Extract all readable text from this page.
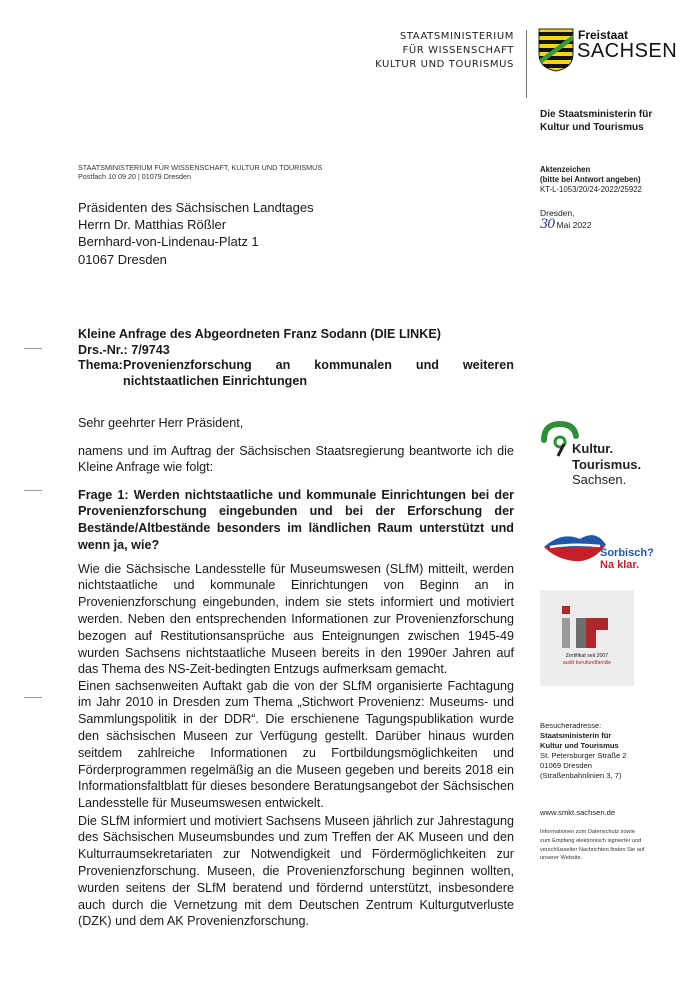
STAATSMINISTERIUM
FÜR WISSENSCHAFT
KULTUR UND TOURISMUS
Freistaat
SACHSEN
Die Staatsministerin für
Kultur und Tourismus
STAATSMINISTERIUM FÜR WISSENSCHAFT, KULTUR UND TOURISMUS
Postfach 10 09 20 | 01079 Dresden
Präsidenten des Sächsischen Landtages
Herrn Dr. Matthias Rößler
Bernhard-von-Lindenau-Platz 1
01067 Dresden
Aktenzeichen
(bitte bei Antwort angeben)
KT-L-1053/20/24-2022/25922
Dresden,
30 Mai 2022
Kleine Anfrage des Abgeordneten Franz Sodann (DIE LINKE)
Drs.-Nr.: 7/9743
Thema: Provenienzforschung an kommunalen und weiteren nichtstaatlichen Einrichtungen

Sehr geehrter Herr Präsident,

namens und im Auftrag der Sächsischen Staatsregierung beantworte ich die Kleine Anfrage wie folgt:

Frage 1: Werden nichtstaatliche und kommunale Einrichtungen bei der Provenienzforschung eingebunden und bei der Erforschung der Bestände/Altbestände besonders im ländlichen Raum unterstützt und wenn ja, wie?

Wie die Sächsische Landesstelle für Museumswesen (SLfM) mitteilt, werden nichtstaatliche und kommunale Einrichtungen von Beginn an in Provenienzforschung eingebunden, indem sie stets informiert und motiviert werden. Neben den entsprechenden Informationen zur Provenienzforschung bezogen auf Restitutionsansprüche aus Enteignungen zwischen 1945-49 wurden Sachsens nichtstaatliche Museen bereits in den 1990er Jahren auf das Thema des NS-Zeit-bedingten Entzugs aufmerksam gemacht.

Einen sachsenweiten Auftakt gab die von der SLfM organisierte Fachtagung im Jahr 2010 in Dresden zum Thema „Stichwort Provenienz: Museums- und Sammlungspolitik in der DDR“. Die erschienene Tagungspublikation wurde den sächsischen Museen zur Verfügung gestellt. Darüber hinaus wurden seitdem zahlreiche Informationen zu Fortbildungsmöglichkeiten und Förderprogrammen regelmäßig an die Museen gegeben und bereits 2018 ein Informationsfaltblatt für dieses besondere Beratungsangebot der Sächsischen Landesstelle für Museumswesen entwickelt.

Die SLfM informiert und motiviert Sachsens Museen jährlich zur Jahrestagung des Sächsischen Museumsbundes und zum Treffen der AK Museen und den Kulturraumsekretariaten zur Notwendigkeit und Fördermöglichkeiten zur Provenienzforschung. Museen, die Provenienzforschung beginnen wollten, wurden seitens der SLfM beratend und fördernd unterstützt, insbesondere auch durch die Vernetzung mit dem Deutschen Zentrum Kulturgutverluste (DZK) und dem AK Provenienzforschung.

Kultur.
Tourismus.
Sachsen.
Sorbisch?
Na klar.
Zertifikat seit 2007
audit berufundfamilie
Besucheradresse:
Staatsministerin für
Kultur und Tourismus
St. Petersburger Straße 2
01069 Dresden
(Straßenbahnlinien 3, 7)
www.smkt.sachsen.de
Informationen zum Datenschutz sowie
zum Empfang elektronisch signierter und
verschlüsselter Nachrichten finden Sie auf
unserer Website.
